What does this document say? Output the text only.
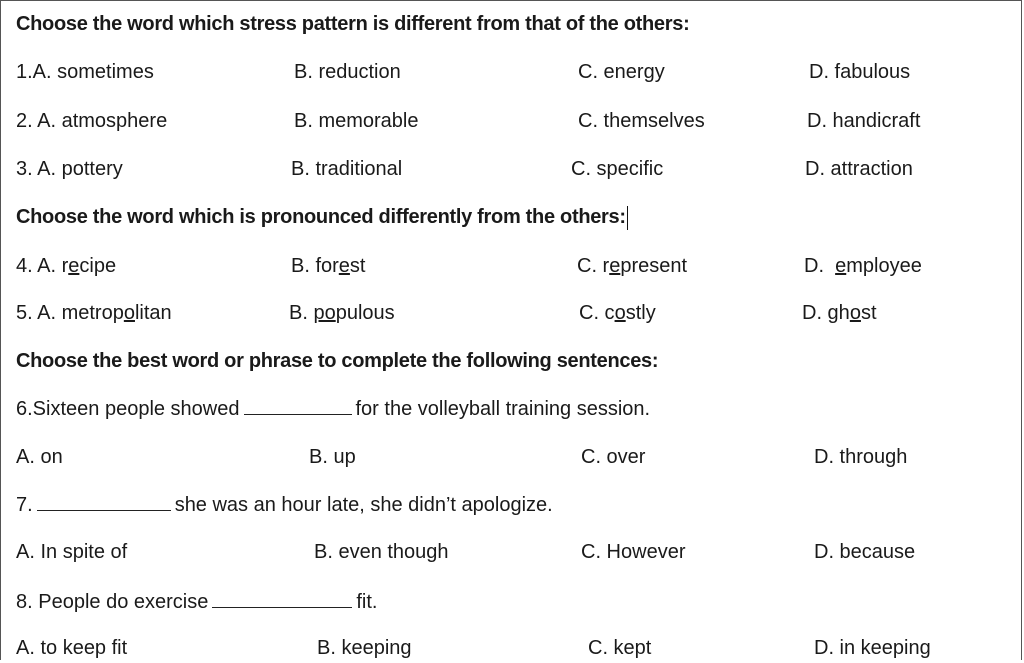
Choose the word which stress pattern is different from that of the others:
1.A. sometimes	B. reduction	C. energy	D. fabulous
2. A. atmosphere	B. memorable	C. themselves	D. handicraft
3. A. pottery	B. traditional	C. specific	D. attraction
Choose the word which is pronounced differently from the others:
4. A. recipe	B. forest	C. represent	D.  employee
5. A. metropolitan	B. populous	C. costly	D. ghost
Choose the best word or phrase to complete the following sentences:
6.Sixteen people showed	for the volleyball training session.
A. on	B. up	C. over	D. through
7.	she was an hour late, she didn’t apologize.
A. In spite of	B. even though	C. However	D. because
8. People do exercise	fit.
A. to keep fit	B. keeping	C. kept	D. in keeping
